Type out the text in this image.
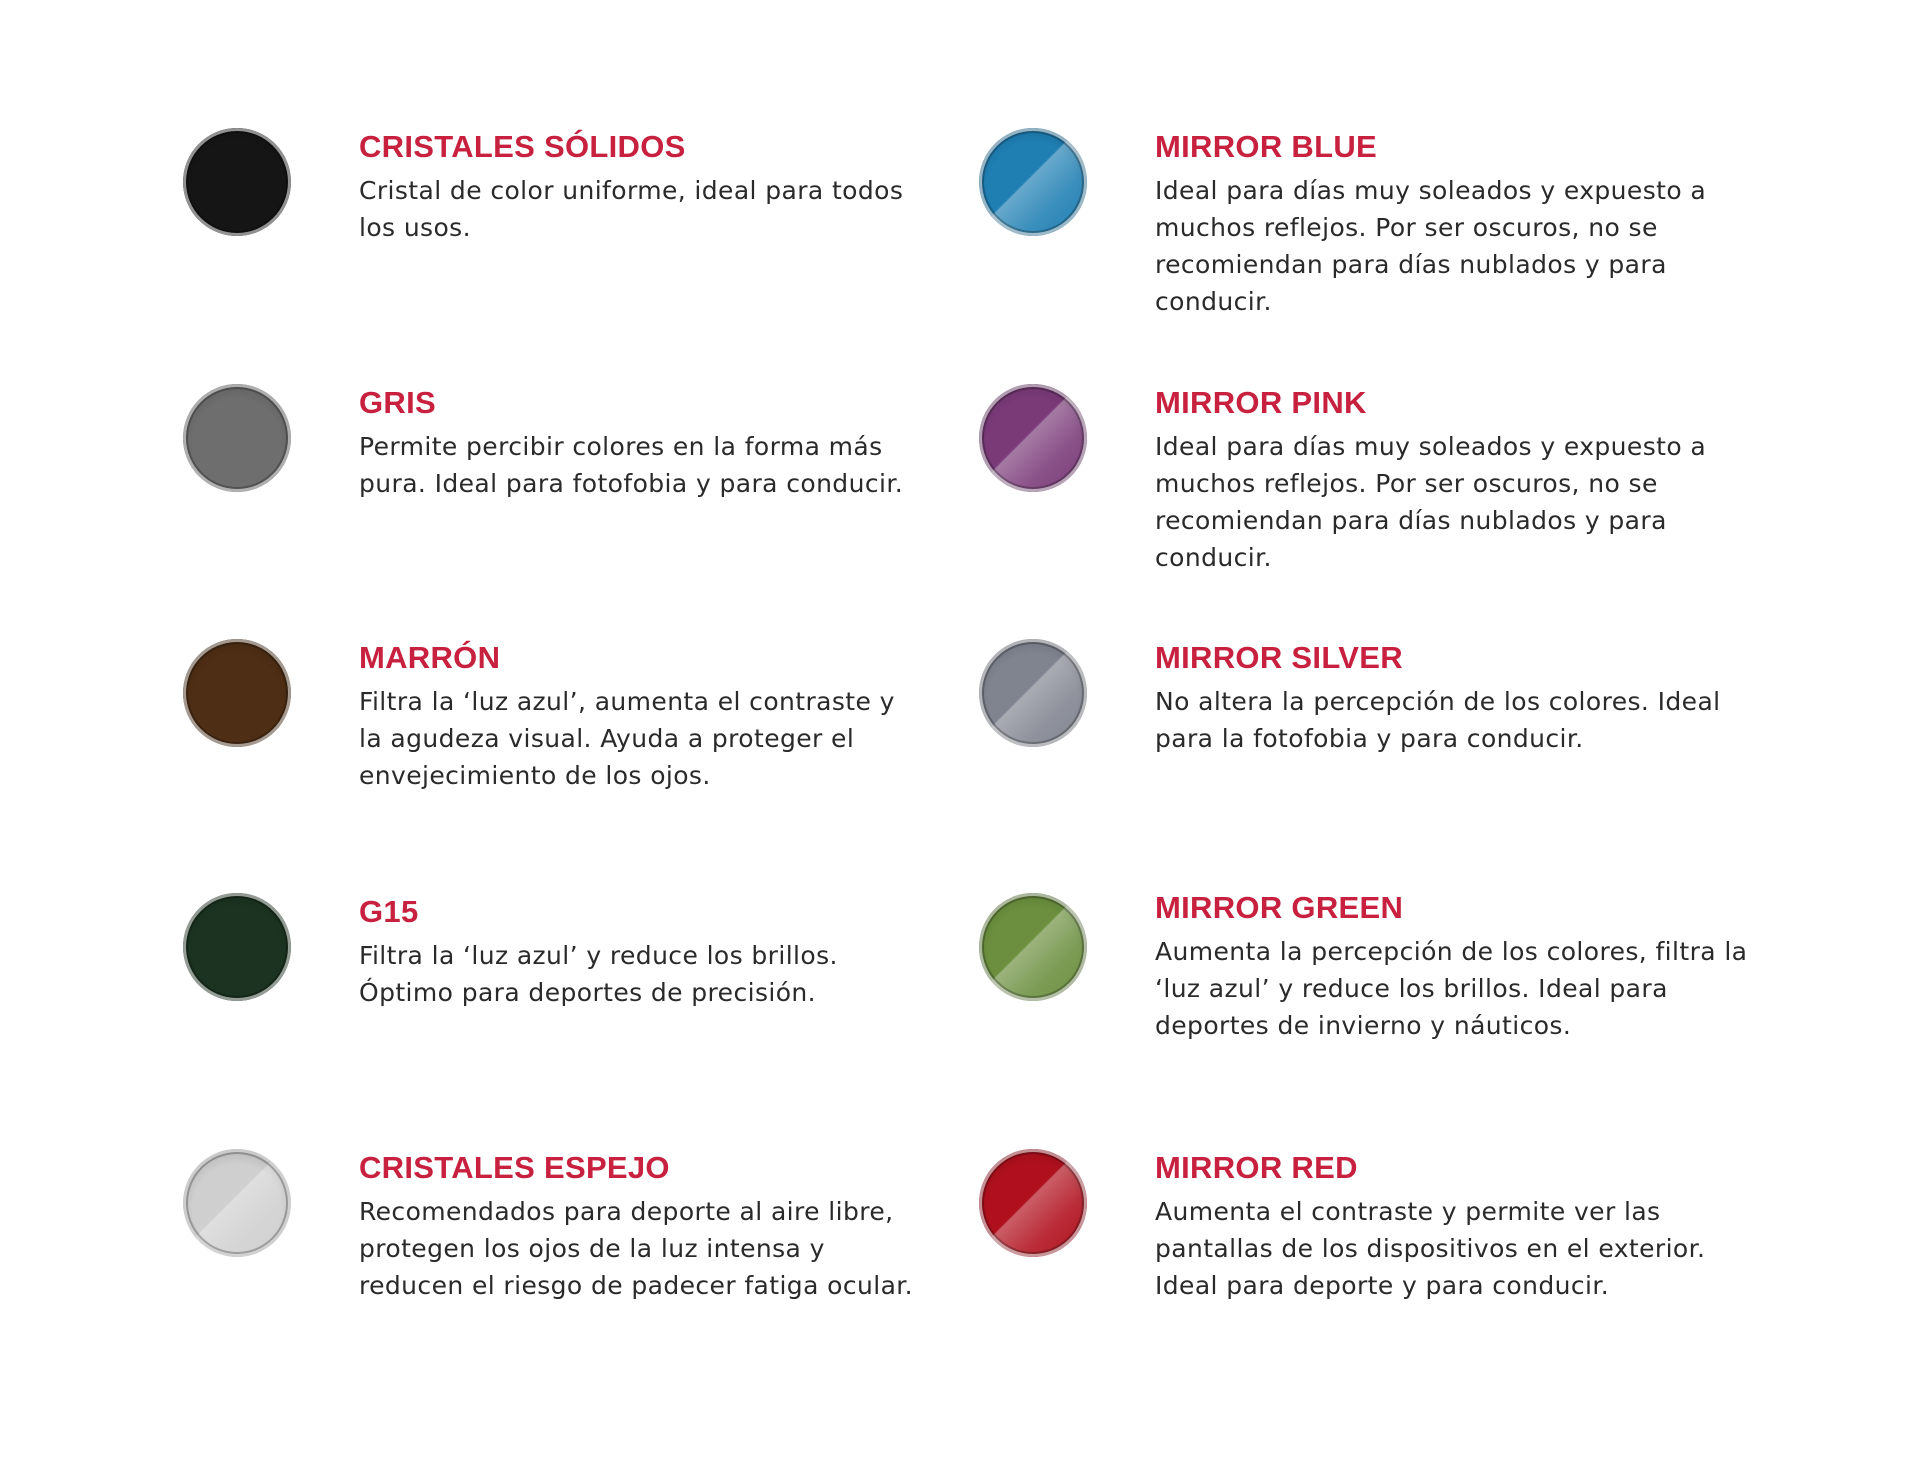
CRISTALES SÓLIDOS

Cristal de color uniforme, ideal para todos los usos.

GRIS

Permite percibir colores en la forma más pura. Ideal para fotofobia y para conducir.

MARRÓN

Filtra la ‘luz azul’, aumenta el contraste y la agudeza visual. Ayuda a proteger el envejecimiento de los ojos.

G15

Filtra la ‘luz azul’ y reduce los brillos. Óptimo para deportes de precisión.

CRISTALES ESPEJO

Recomendados para deporte al aire libre, protegen los ojos de la luz intensa y reducen el riesgo de padecer fatiga ocular.

MIRROR BLUE

Ideal para días muy soleados y expuesto a muchos reflejos. Por ser oscuros, no se recomiendan para días nublados y para conducir.

MIRROR PINK

Ideal para días muy soleados y expuesto a muchos reflejos. Por ser oscuros, no se recomiendan para días nublados y para conducir.

MIRROR SILVER

No altera la percepción de los colores. Ideal para la fotofobia y para conducir.

MIRROR GREEN

Aumenta la percepción de los colores, filtra la ‘luz azul’ y reduce los brillos. Ideal para deportes de invierno y náuticos.

MIRROR RED

Aumenta el contraste y permite ver las pantallas de los dispositivos en el exterior. Ideal para deporte y para conducir.
